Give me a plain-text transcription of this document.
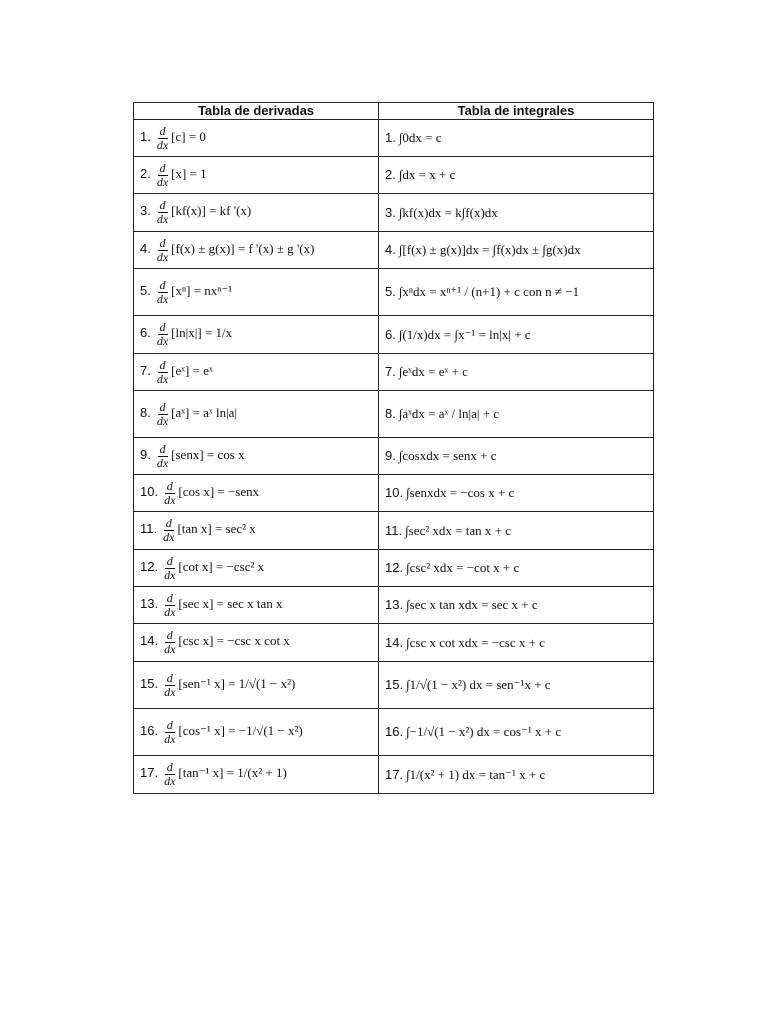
Tabla de derivadas	Tabla de integrales
1. $\frac{d}{dx} [c] = 0$	1. ∫0dx = c
2. $\frac{d}{dx} [x] = 1$	2. ∫dx = x + c
3. $\frac{d}{dx} [kf(x)]$ = kf '(x)	3. ∫kf(x)dx = k∫f(x)dx
4. $\frac{d}{dx} [f(x) \pm g(x)] = f$ '(x) ± g '(x)	4. ∫[f(x) ± g(x)]dx = ∫f(x)dx ± ∫g(x)dx
5. $\frac{d}{dx} [x^n] = nx^{n-1}$	5. ∫xⁿdx = xⁿ⁺¹ / (n+1) + c con n ≠ −1
6. $\frac{d}{dx} [\ln|x|] = 1/x$	6. ∫(1/x)dx = ∫x⁻¹ = ln|x| + c
7. $\frac{d}{dx}$ [eˣ] = eˣ	7. ∫eˣdx = eˣ + c
8. $\frac{d}{dx}$ [aˣ] = aˣ ln|a|	8. ∫aˣdx = aˣ / ln|a| + c
9. $\frac{d}{dx}$ [senx] = cos x	9. ∫cosxdx = senx + c
10. $\frac{d}{dx} [\cos$ x] = −senx	10. ∫senxdx = −cos x + c
11. $\frac{d}{dx} [\tan$ x] = sec² x	11. ∫sec² xdx = tan x + c
12. $\frac{d}{dx} [\cot$ x] = −csc² x	12. ∫csc² xdx = −cot x + c
13. $\frac{d}{dx} [\sec$ x] = sec x tan x	13. ∫sec x tan xdx = sec x + c
14. $\frac{d}{dx} [\csc$ x] = −csc x cot x	14. ∫csc x cot xdx = −csc x + c
15. $\frac{d}{dx} [sen^{-1}$ x] = 1/√(1 − x²)	15. ∫1/√(1 − x²) dx = sen⁻¹x + c
16. $\frac{d}{dx} [\cos^{-1}$ x] = −1/√(1 − x²)	16. ∫−1/√(1 − x²) dx = cos⁻¹ x + c
17. $\frac{d}{dx} [\tan^{-1}$ x] = 1/(x² + 1)	17. ∫1/(x² + 1) dx = tan⁻¹ x + c
